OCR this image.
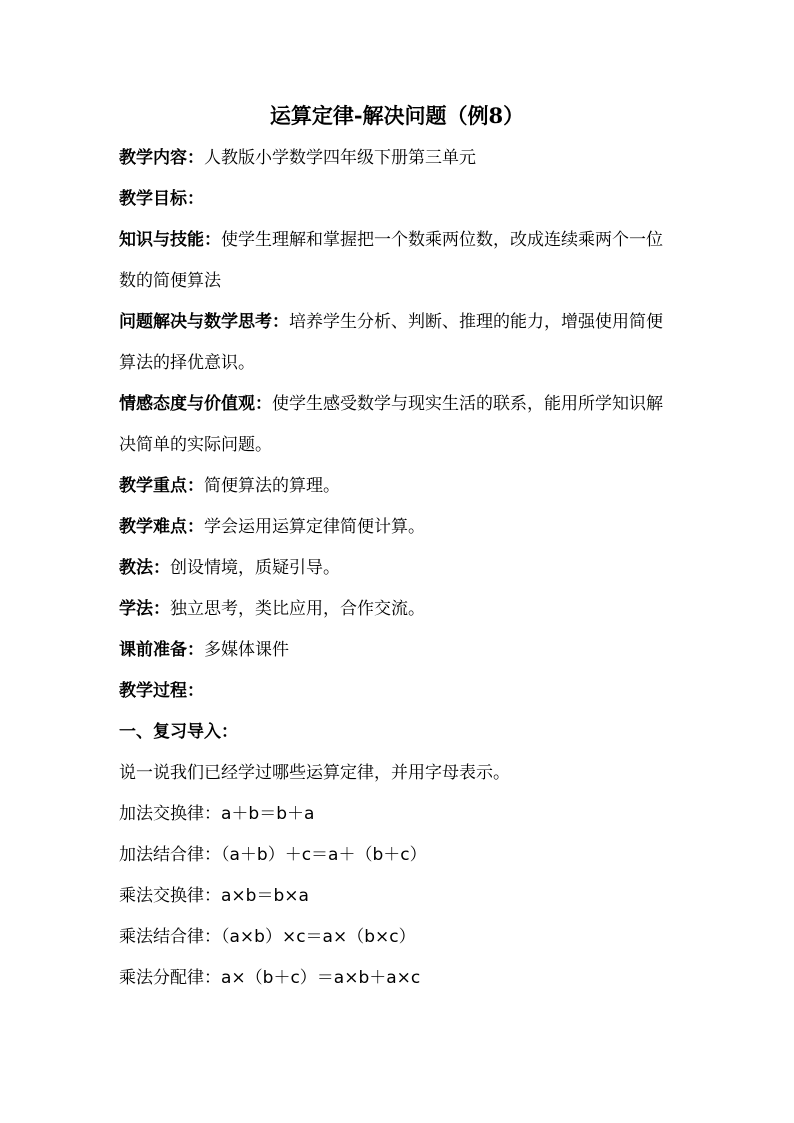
运算定律-解决问题（例8）

教学内容：人教版小学数学四年级下册第三单元

教学目标：

知识与技能：使学生理解和掌握把一个数乘两位数，改成连续乘两个一位数的简便算法

问题解决与数学思考：培养学生分析、判断、推理的能力，增强使用简便算法的择优意识。

情感态度与价值观：使学生感受数学与现实生活的联系，能用所学知识解决简单的实际问题。

教学重点：简便算法的算理。

教学难点：学会运用运算定律简便计算。

教法：创设情境，质疑引导。

学法：独立思考，类比应用，合作交流。

课前准备：多媒体课件

教学过程：

一、复习导入：

说一说我们已经学过哪些运算定律，并用字母表示。

加法交换律：a＋b＝b＋a

加法结合律：（a＋b）＋c＝a＋（b＋c）

乘法交换律：a×b＝b×a

乘法结合律：（a×b）×c＝a×（b×c）

乘法分配律：a×（b＋c）＝a×b＋a×c
